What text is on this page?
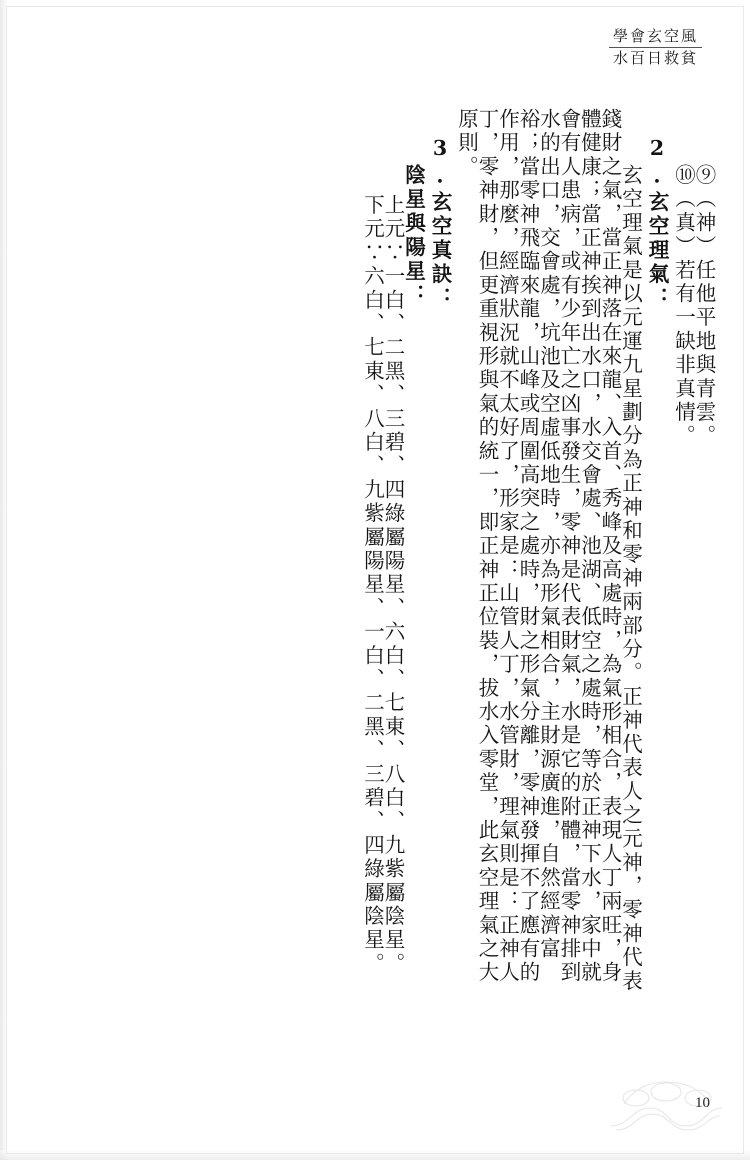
學會玄空風
水百日救貧
⑨（神）任他平地與青雲。
⑩（真）若有一缺非真情。
2.玄空理氣：
玄空理氣是以元運九星劃分為正神和零神兩部分。正神代表人之元神，零神代表
錢財之氣，當正神落在來龍、入首、秀峰及高處時，為氣形相合，表現人丁兩旺，身
體健康；當正神挨到出水口，水交會處、池湖、低空之處時，等於正神下水，家中就
會有人患病，或有少年亡之凶事發生，零神是代表財氣，水是它的附體，當零神排到
水的出口，交會處，坑池及空虛低地時，亦為形氣相合，主財源廣進，自然經濟富
裕；當零神飛臨來龍，山峰或周圍高突之處時，財之形氣分離，零神發揮不了應有的
作用，那麼，經濟狀況就不太好了，形家是：山管人丁，水管財，理氣則是：正神人
丁，零神財，但更重視形與氣的統一，即正神正位裝，拔水入零堂，此玄空理氣之大
原則。
3.玄空真訣：
陰星與陽星：
上元∵一白、二黑、三碧、四綠屬陽星、六白、七東、八白、九紫屬陰星。
下元∵六白、七東、八白、九紫屬陽星、一白、二黑、三碧、四綠屬陰星。
10
